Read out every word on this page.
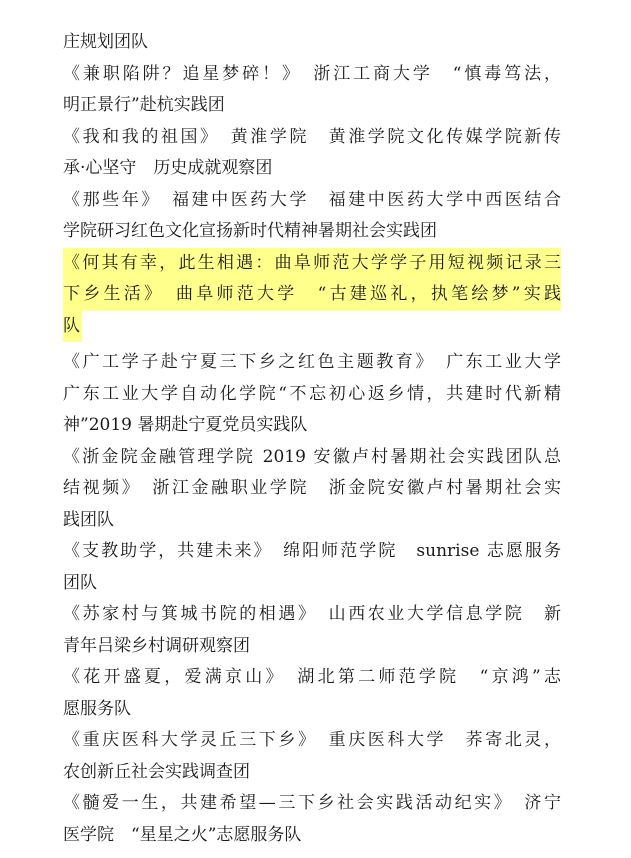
庄规划团队
《兼职陷阱？追星梦碎！》　浙江工商大学　“慎毒笃法，
明正景行”赴杭实践团
《我和我的祖国》　黄淮学院　黄淮学院文化传媒学院新传
承·心坚守　历史成就观察团
《那些年》　福建中医药大学　福建中医药大学中西医结合
学院研习红色文化宣扬新时代精神暑期社会实践团
《何其有幸，此生相遇：曲阜师范大学学子用短视频记录三
下乡生活》　曲阜师范大学　“古建巡礼，执笔绘梦”实践
队
《广工学子赴宁夏三下乡之红色主题教育》　广东工业大学
广东工业大学自动化学院“不忘初心返乡情，共建时代新精
神”2019 暑期赴宁夏党员实践队
《浙金院金融管理学院 2019 安徽卢村暑期社会实践团队总
结视频》　浙江金融职业学院　浙金院安徽卢村暑期社会实
践团队
《支教助学，共建未来》　绵阳师范学院　sunrise 志愿服务
团队
《苏家村与箕城书院的相遇》　山西农业大学信息学院　新
青年吕梁乡村调研观察团
《花开盛夏，爱满京山》　湖北第二师范学院　“京鸿”志
愿服务队
《重庆医科大学灵丘三下乡》　重庆医科大学　荞寄北灵，
农创新丘社会实践调查团
《髓爱一生，共建希望—三下乡社会实践活动纪实》　济宁
医学院　“星星之火”志愿服务队
